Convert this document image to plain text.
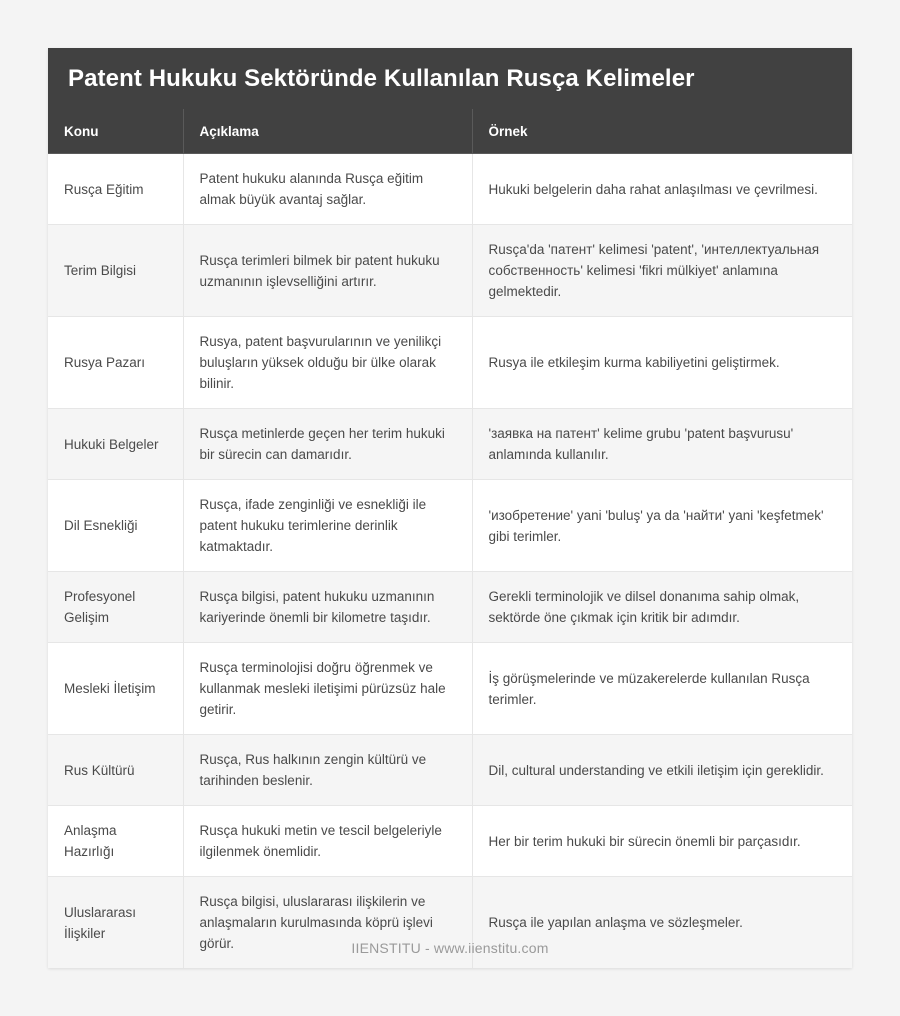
Patent Hukuku Sektöründe Kullanılan Rusça Kelimeler
Konu	Açıklama	Örnek
Rusça Eğitim	Patent hukuku alanında Rusça eğitim almak büyük avantaj sağlar.	Hukuki belgelerin daha rahat anlaşılması ve çevrilmesi.
Terim Bilgisi	Rusça terimleri bilmek bir patent hukuku uzmanının işlevselliğini artırır.	Rusça'da 'патент' kelimesi 'patent', 'интеллектуальная собственность' kelimesi 'fikri mülkiyet' anlamına gelmektedir.
Rusya Pazarı	Rusya, patent başvurularının ve yenilikçi buluşların yüksek olduğu bir ülke olarak bilinir.	Rusya ile etkileşim kurma kabiliyetini geliştirmek.
Hukuki Belgeler	Rusça metinlerde geçen her terim hukuki bir sürecin can damarıdır.	'заявка на патент' kelime grubu 'patent başvurusu' anlamında kullanılır.
Dil Esnekliği	Rusça, ifade zenginliği ve esnekliği ile patent hukuku terimlerine derinlik katmaktadır.	'изобретение' yani 'buluş' ya da 'найти' yani 'keşfetmek' gibi terimler.
Profesyonel Gelişim	Rusça bilgisi, patent hukuku uzmanının kariyerinde önemli bir kilometre taşıdır.	Gerekli terminolojik ve dilsel donanıma sahip olmak, sektörde öne çıkmak için kritik bir adımdır.
Mesleki İletişim	Rusça terminolojisi doğru öğrenmek ve kullanmak mesleki iletişimi pürüzsüz hale getirir.	İş görüşmelerinde ve müzakerelerde kullanılan Rusça terimler.
Rus Kültürü	Rusça, Rus halkının zengin kültürü ve tarihinden beslenir.	Dil, cultural understanding ve etkili iletişim için gereklidir.
Anlaşma Hazırlığı	Rusça hukuki metin ve tescil belgeleriyle ilgilenmek önemlidir.	Her bir terim hukuki bir sürecin önemli bir parçasıdır.
Uluslararası İlişkiler	Rusça bilgisi, uluslararası ilişkilerin ve anlaşmaların kurulmasında köprü işlevi görür.	Rusça ile yapılan anlaşma ve sözleşmeler.
IIENSTITU - www.iienstitu.com
